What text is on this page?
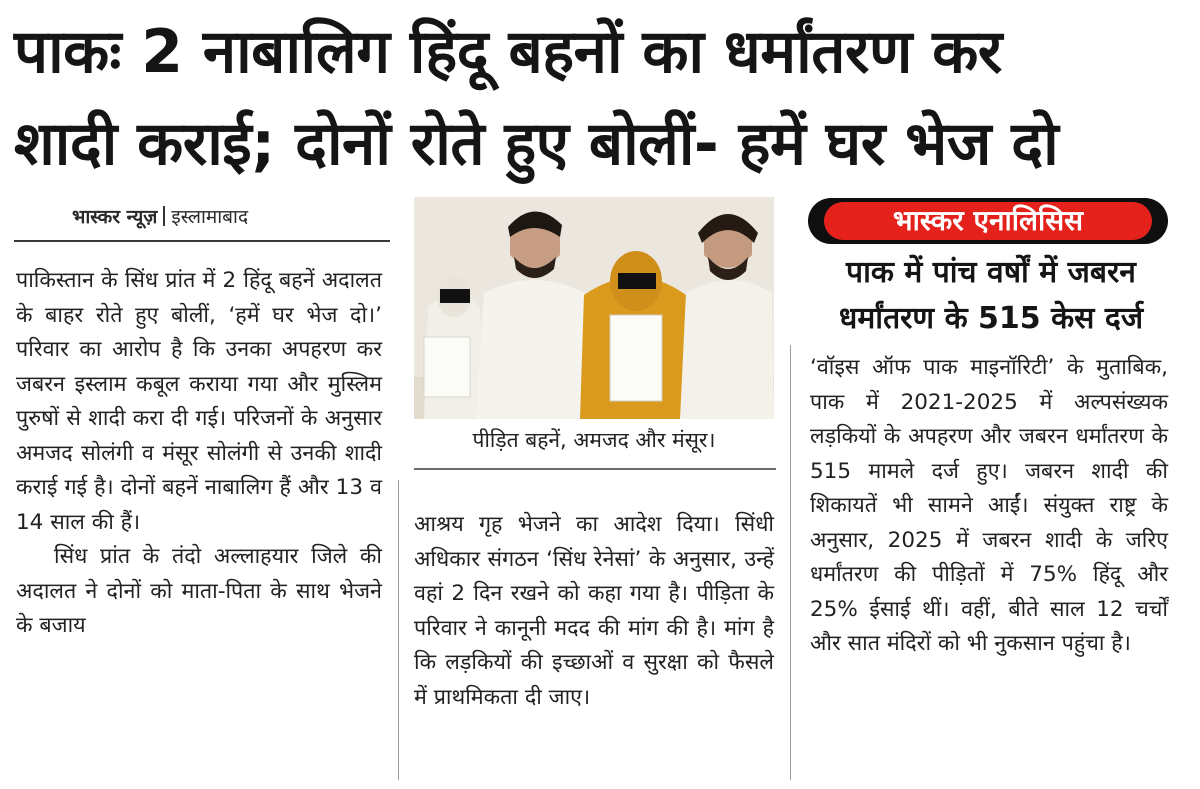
पाकः 2 नाबालिग हिंदू बहनों का धर्मांतरण कर
शादी कराई; दोनों रोते हुए बोलीं- हमें घर भेज दो
भास्कर न्यूज़ इस्लामाबाद

पाकिस्तान के सिंध प्रांत में 2 हिंदू बहनें अदालत के बाहर रोते हुए बोलीं, ‘हमें घर भेज दो।’ परिवार का आरोप है कि उनका अपहरण कर जबरन इस्लाम कबूल कराया गया और मुस्लिम पुरुषों से शादी करा दी गई। परिजनों के अनुसार अमजद सोलंगी व मंसूर सोलंगी से उनकी शादी कराई गई है। दोनों बहनें नाबालिग हैं और 13 व 14 साल की हैं।

सिंध प्रांत के तंदो अल्लाहयार जिले की अदालत ने दोनों को माता-पिता के साथ भेजने के बजाय

पीड़ित बहनें, अमजद और मंसूर।

आश्रय गृह भेजने का आदेश दिया। सिंधी अधिकार संगठन ‘सिंध रेनेसां’ के अनुसार, उन्हें वहां 2 दिन रखने को कहा गया है। पीड़िता के परिवार ने कानूनी मदद की मांग की है। मांग है कि लड़कियों की इच्छाओं व सुरक्षा को फैसले में प्राथमिकता दी जाए।

भास्कर एनालिसिस
पाक में पांच वर्षों में जबरन
धर्मांतरण के 515 केस दर्ज

‘वॉइस ऑफ पाक माइनॉरिटी’ के मुताबिक, पाक में 2021-2025 में अल्पसंख्यक लड़कियों के अपहरण और जबरन धर्मांतरण के 515 मामले दर्ज हुए। जबरन शादी की शिकायतें भी सामने आईं। संयुक्त राष्ट्र के अनुसार, 2025 में जबरन शादी के जरिए धर्मांतरण की पीड़ितों में 75% हिंदू और 25% ईसाई थीं। वहीं, बीते साल 12 चर्चों और सात मंदिरों को भी नुकसान पहुंचा है।
